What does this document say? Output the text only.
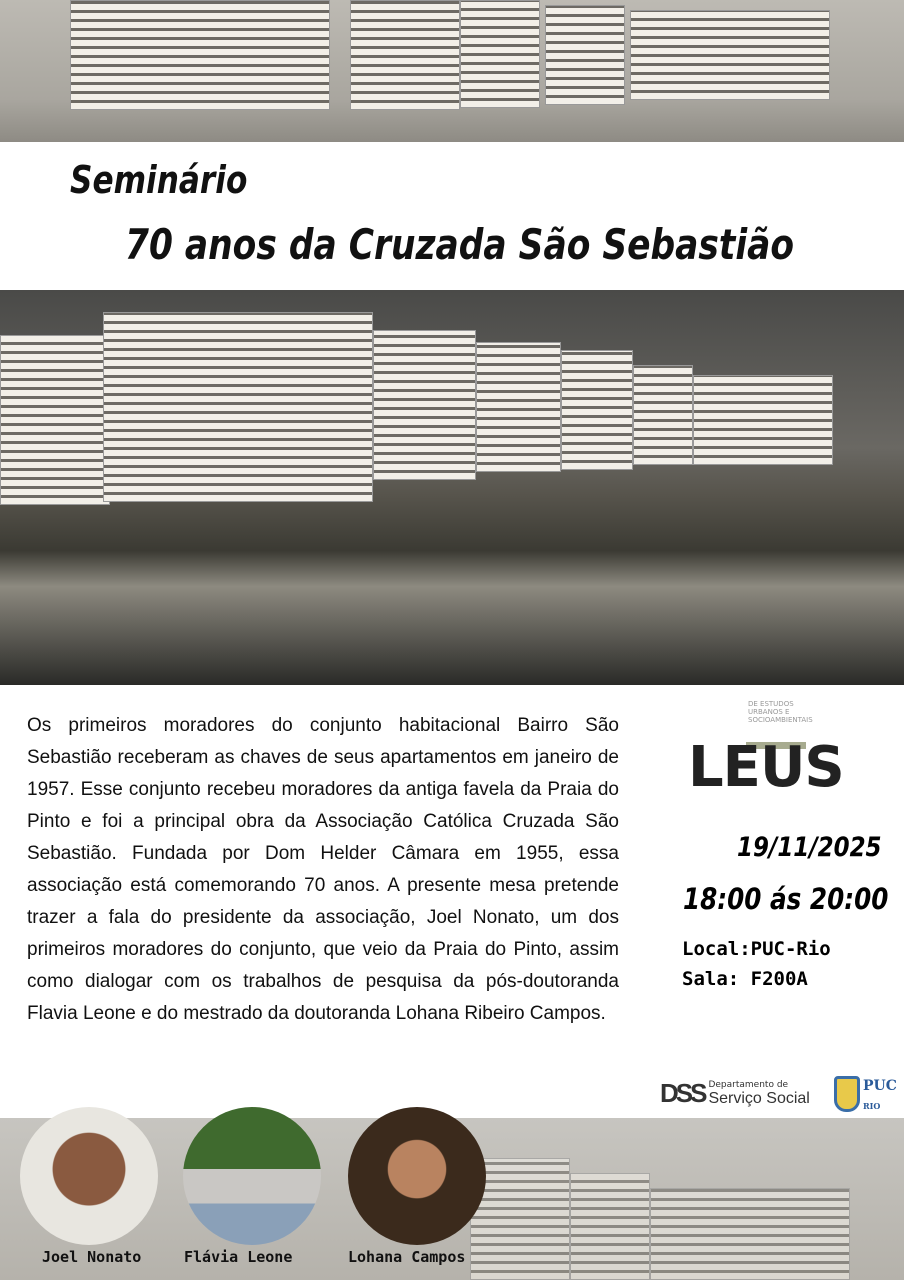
Seminário
70 anos da Cruzada São Sebastião

Os primeiros moradores do conjunto habitacional Bairro São Sebastião receberam as chaves de seus apartamentos em janeiro de 1957. Esse conjunto recebeu moradores da antiga favela da Praia do Pinto e foi a principal obra da Associação Católica Cruzada São Sebastião. Fundada por Dom Helder Câmara em 1955, essa associação está comemorando 70 anos. A presente mesa pretende trazer a fala do presidente da associação, Joel Nonato, um dos primeiros moradores do conjunto, que veio da Praia do Pinto, assim como dialogar com os trabalhos de pesquisa da pós-doutoranda Flavia Leone e do mestrado da doutoranda Lohana Ribeiro Campos.

DE ESTUDOS URBANOS E SOCIOAMBIENTAIS
LEUS
19/11/2025
18:00 ás 20:00
Local:PUC-Rio
Sala: F200A
DSS Departamento de
Serviço Social
PUC
RIO
Joel Nonato	Flávia Leone	Lohana Campos
